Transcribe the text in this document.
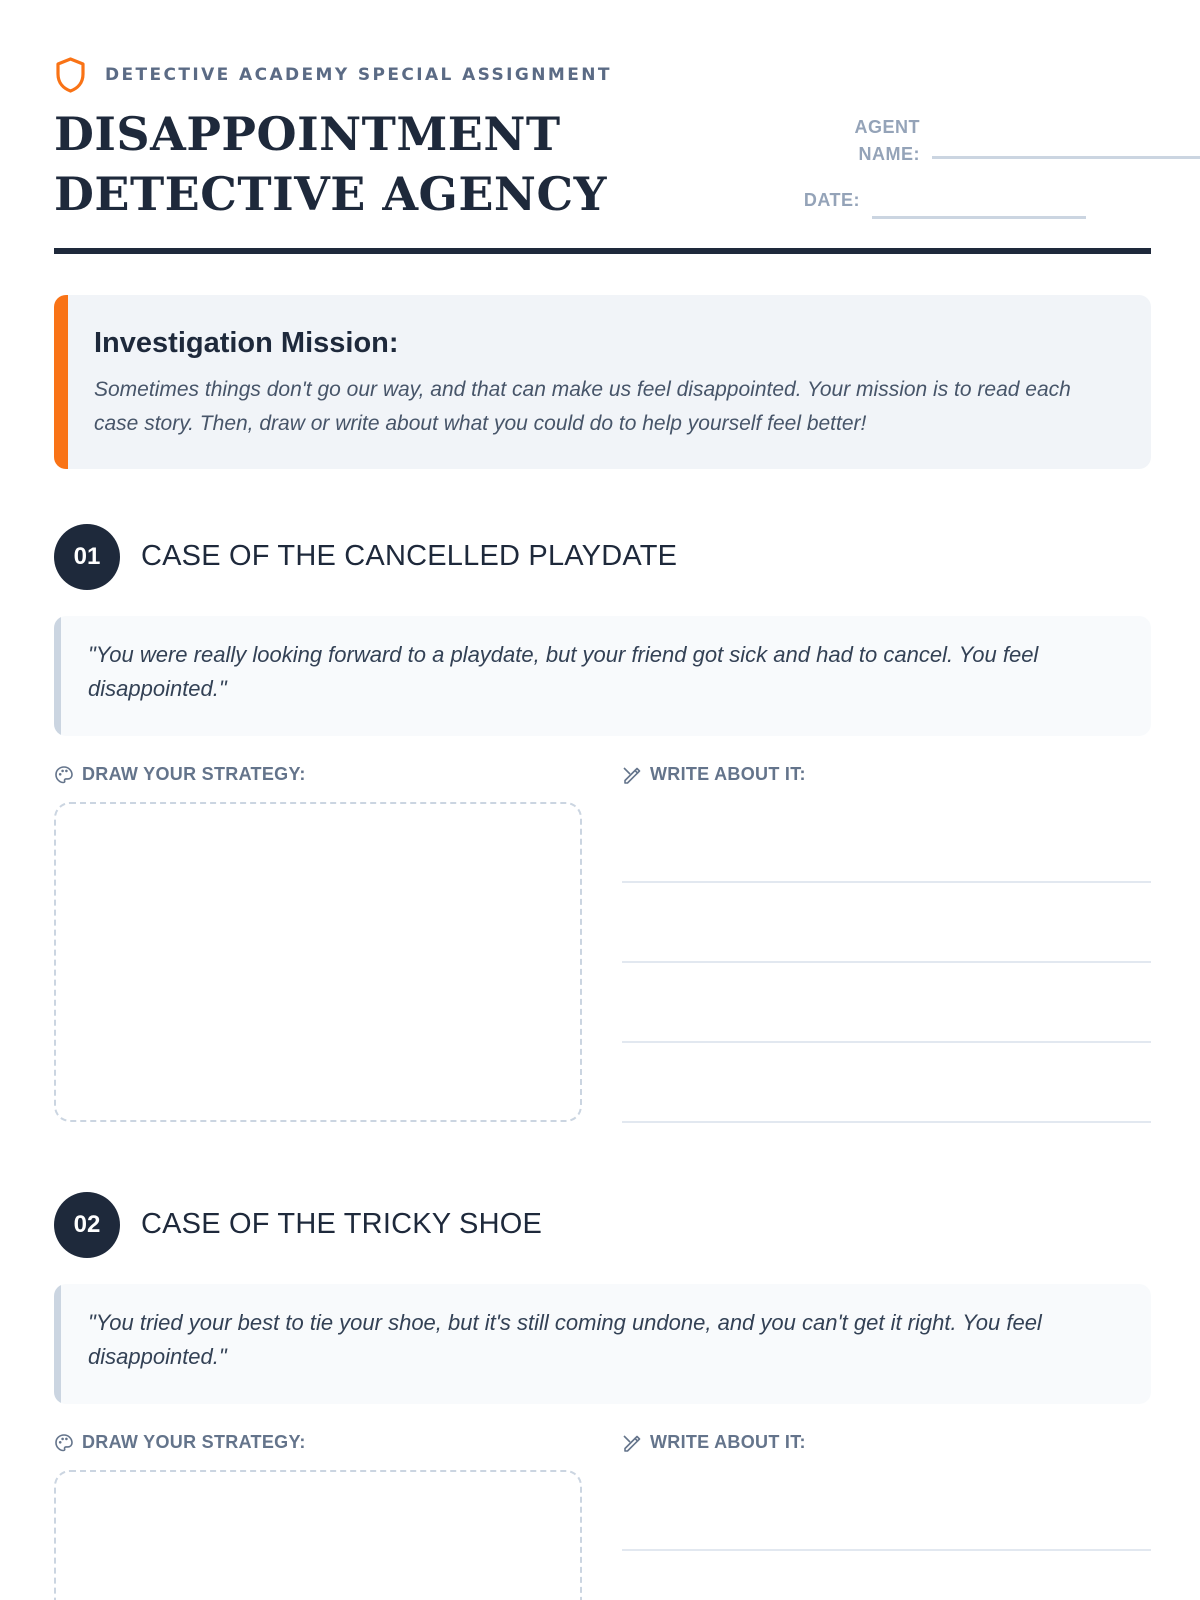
DETECTIVE ACADEMY SPECIAL ASSIGNMENT
DISAPPOINTMENT
DETECTIVE AGENCY
AGENT
NAME:
DATE:
Investigation Mission:
Sometimes things don't go our way, and that can make us feel disappointed. Your mission is to read each case story. Then, draw or write about what you could do to help yourself feel better!
01	CASE OF THE CANCELLED PLAYDATE
"You were really looking forward to a playdate, but your friend got sick and had to cancel. You feel disappointed."
DRAW YOUR STRATEGY:	WRITE ABOUT IT:
02	CASE OF THE TRICKY SHOE
"You tried your best to tie your shoe, but it's still coming undone, and you can't get it right. You feel disappointed."
DRAW YOUR STRATEGY:	WRITE ABOUT IT:
